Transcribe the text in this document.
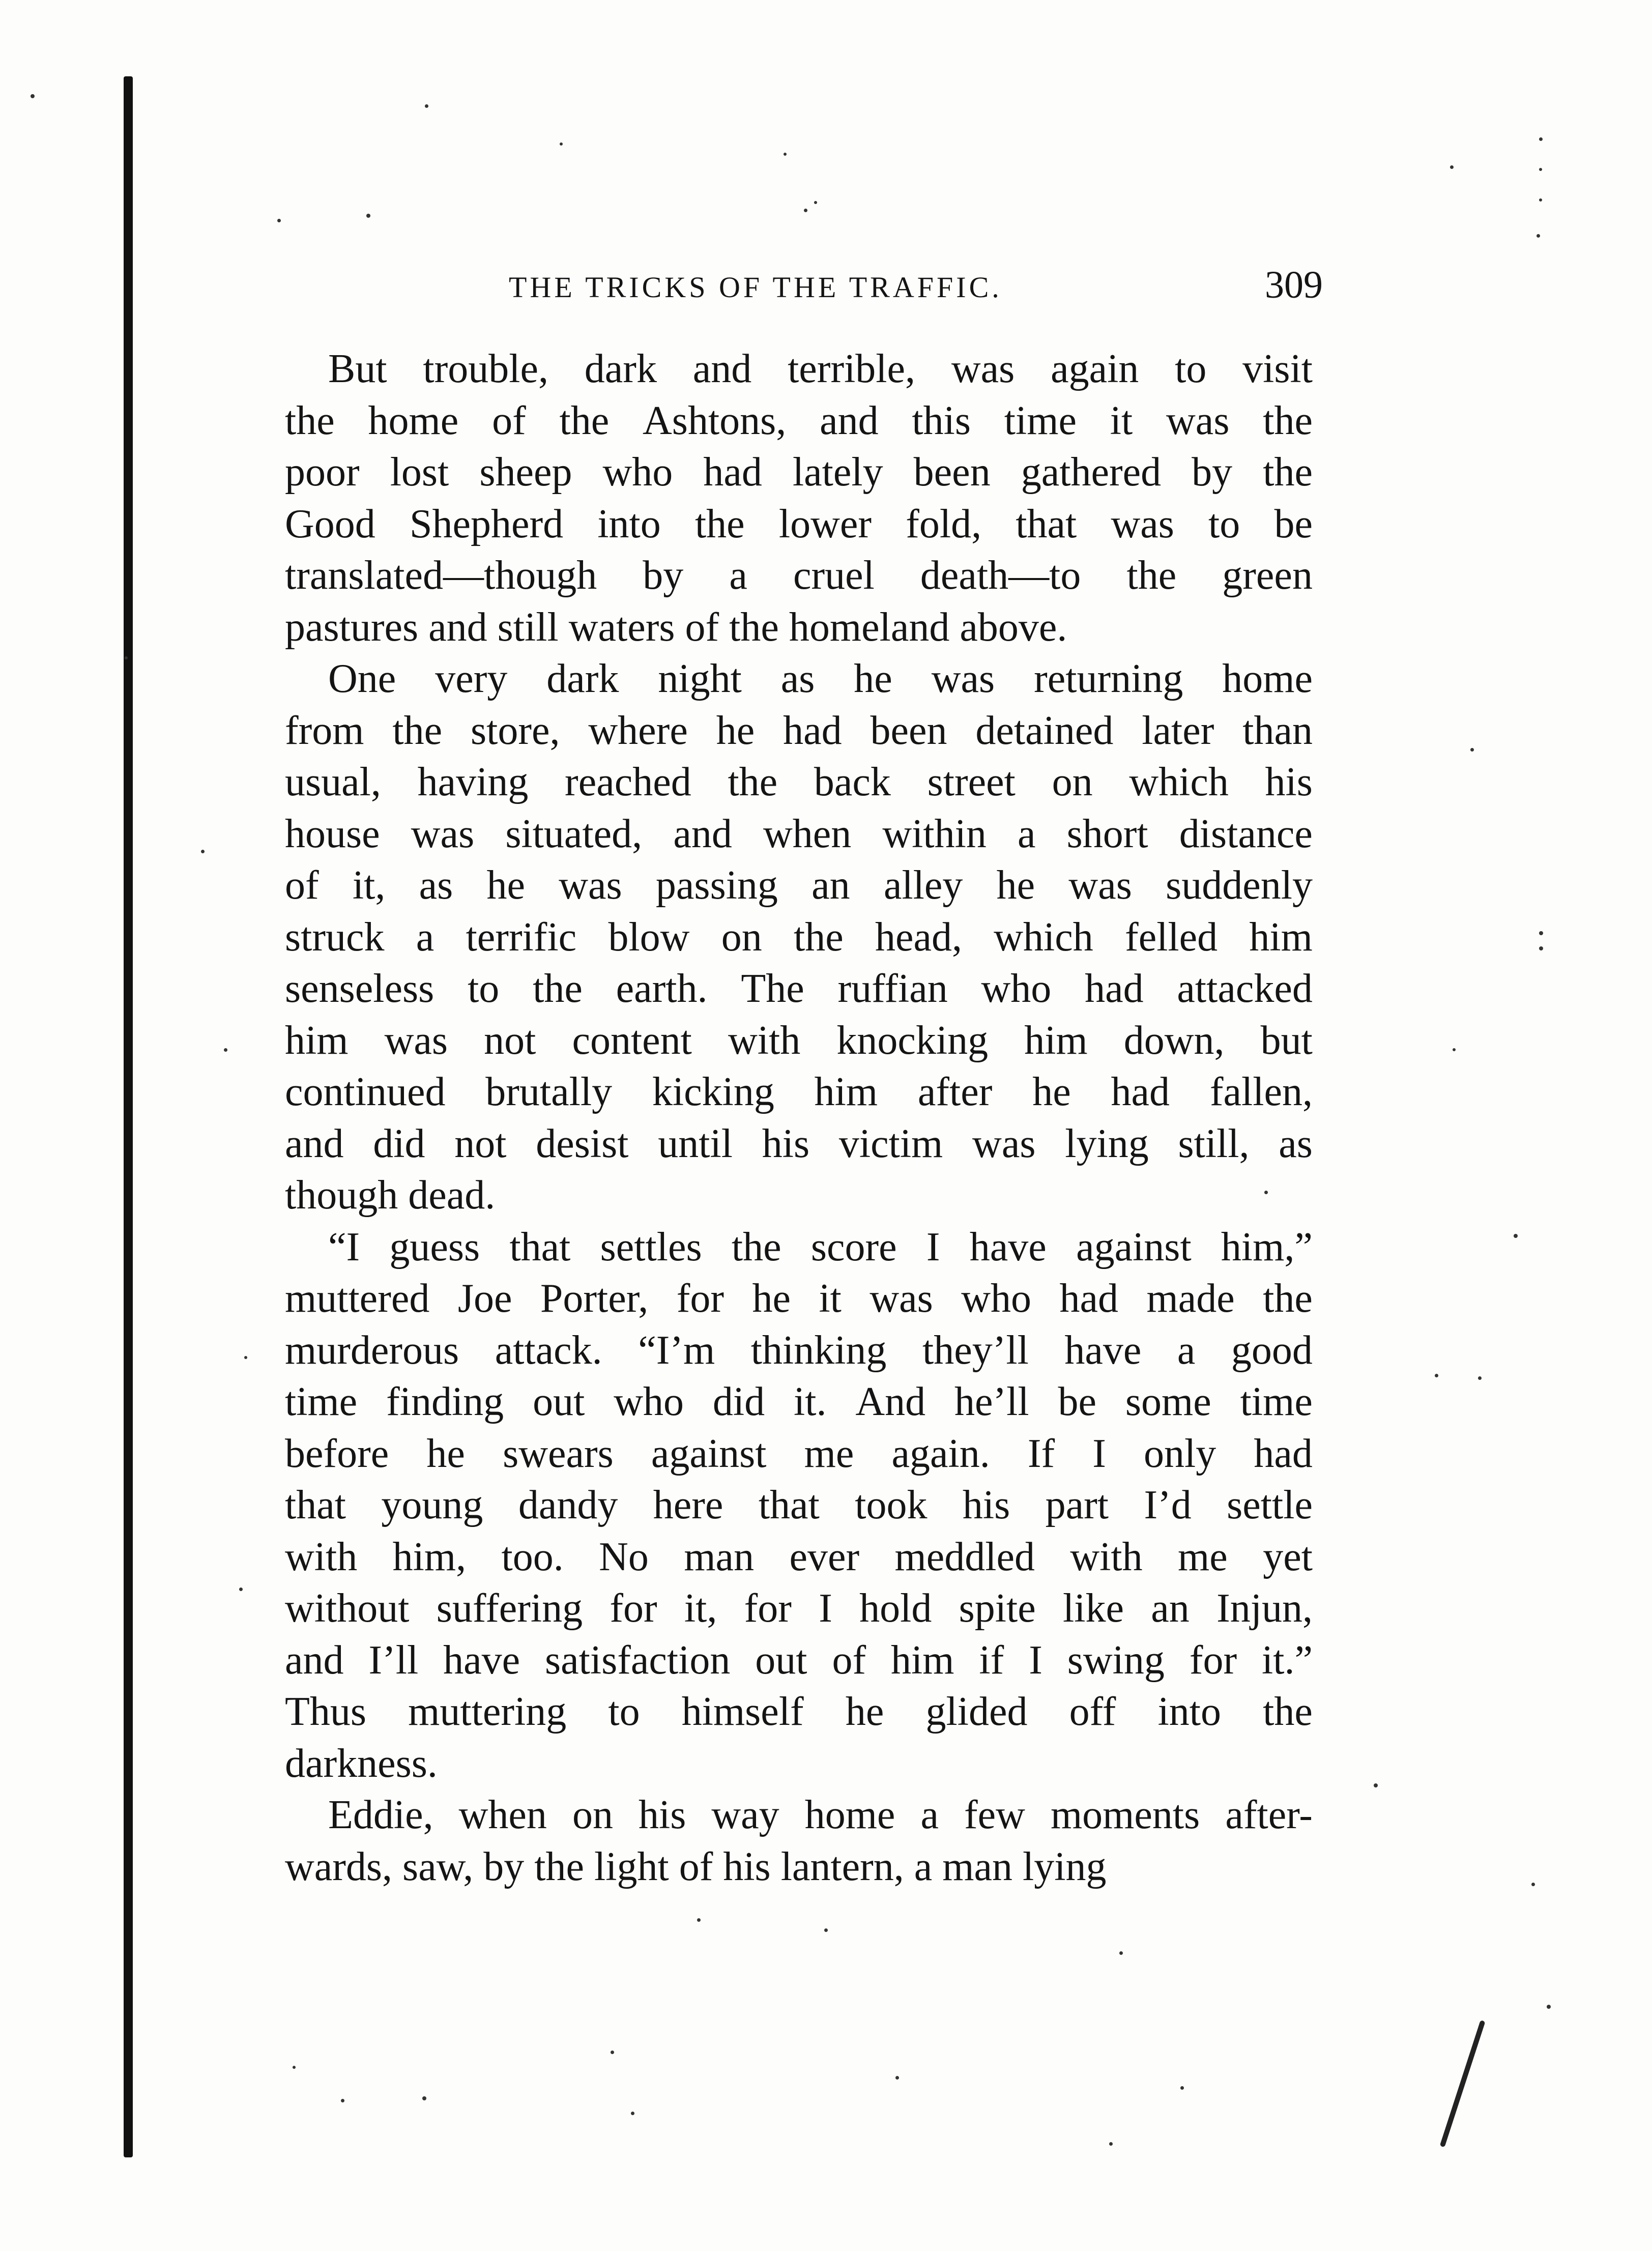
THE TRICKS OF THE TRAFFIC.	309
But trouble, dark and terrible, was again to visit
the home of the Ashtons, and this time it was the
poor lost sheep who had lately been gathered by the
Good Shepherd into the lower fold, that was to be
translated—though by a cruel death—to the green
pastures and still waters of the homeland above.
One very dark night as he was returning home
from the store, where he had been detained later than
usual, having reached the back street on which his
house was situated, and when within a short distance
of it, as he was passing an alley he was suddenly
struck a terrific blow on the head, which felled him
senseless to the earth. The ruffian who had attacked
him was not content with knocking him down, but
continued brutally kicking him after he had fallen,
and did not desist until his victim was lying still, as
though dead.
“I guess that settles the score I have against him,”
muttered Joe Porter, for he it was who had made the
murderous attack. “I’m thinking they’ll have a good
time finding out who did it. And he’ll be some time
before he swears against me again. If I only had
that young dandy here that took his part I’d settle
with him, too. No man ever meddled with me yet
without suffering for it, for I hold spite like an Injun,
and I’ll have satisfaction out of him if I swing for it.”
Thus muttering to himself he glided off into the
darkness.
Eddie, when on his way home a few moments after-
wards, saw, by the light of his lantern, a man lying
